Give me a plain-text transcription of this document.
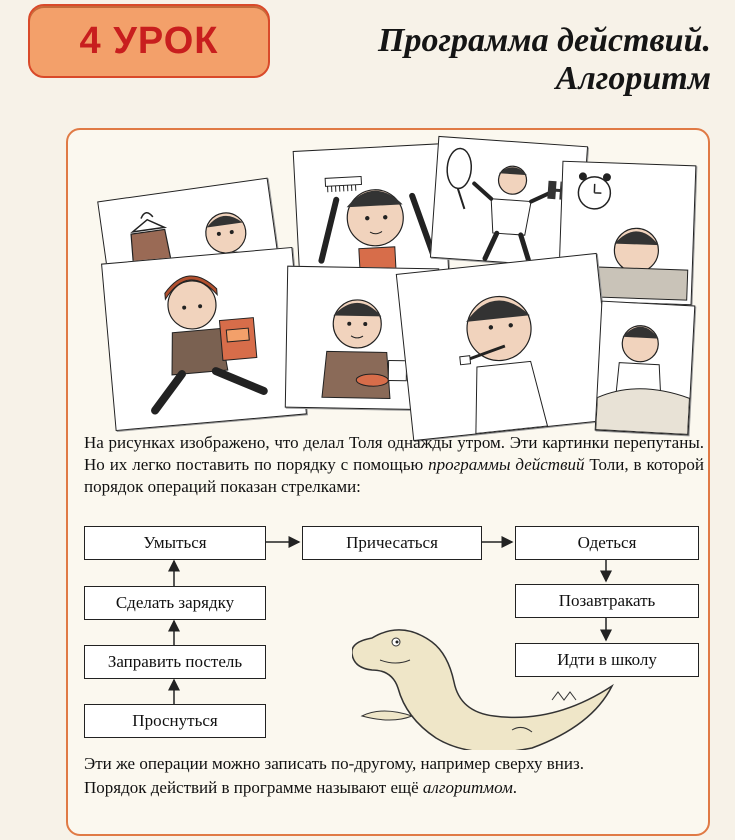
4 УРОК	Программа действий.
Алгоритм
На рисунках изображено, что делал Толя однажды утром. Эти картинки перепутаны. Но их легко поставить по порядку с помощью программы действий Толи, в которой порядок операций показан стрелками:
Умыться	Причесаться	Одеться
Сделать зарядку	Позавтракать
Заправить постель	Идти в школу
Проснуться

Эти же операции можно записать по-другому, например сверху вниз.

Порядок действий в программе называют ещё алгоритмом.
